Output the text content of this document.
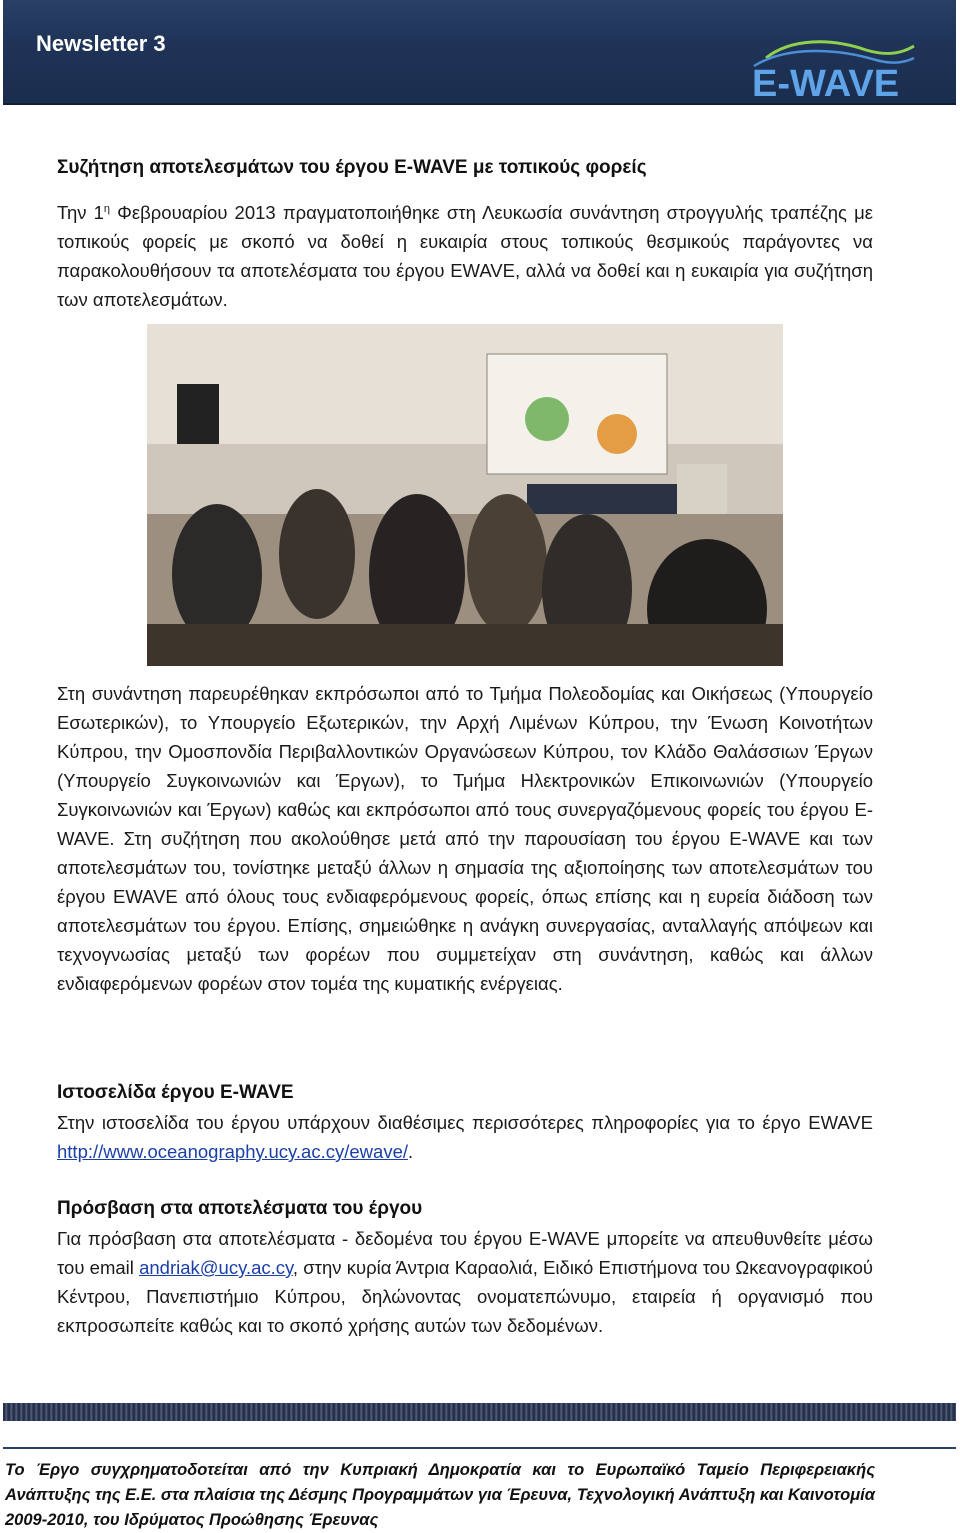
Newsletter 3
E-WAVE

Συζήτηση αποτελεσμάτων του έργου E-WAVE με τοπικούς φορείς

Την $1^\eta$ Φεβρουαρίου 2013 πραγματοποιήθηκε στη Λευκωσία συνάντηση στρογγυλής τραπέζης με τοπικούς φορείς με σκοπό να δοθεί η ευκαιρία στους τοπικούς θεσμικούς παράγοντες να παρακολουθήσουν τα αποτελέσματα του έργου EWAVE, αλλά να δοθεί και η ευκαιρία για συζήτηση των αποτελεσμάτων.

Στη συνάντηση παρευρέθηκαν εκπρόσωποι από το Τμήμα Πολεοδομίας και Οικήσεως (Υπουργείο Εσωτερικών), το Υπουργείο Εξωτερικών, την Αρχή Λιμένων Κύπρου, την Ένωση Κοινοτήτων Κύπρου, την Ομοσπονδία Περιβαλλοντικών Οργανώσεων Κύπρου, τον Κλάδο Θαλάσσιων Έργων (Υπουργείο Συγκοινωνιών και Έργων), το Τμήμα Ηλεκτρονικών Επικοινωνιών (Υπουργείο Συγκοινωνιών και Έργων) καθώς και εκπρόσωποι από τους συνεργαζόμενους φορείς του έργου E-WAVE. Στη συζήτηση που ακολούθησε μετά από την παρουσίαση του έργου E-WAVE και των αποτελεσμάτων του, τονίστηκε μεταξύ άλλων η σημασία της αξιοποίησης των αποτελεσμάτων του έργου EWAVE από όλους τους ενδιαφερόμενους φορείς, όπως επίσης και η ευρεία διάδοση των αποτελεσμάτων του έργου. Επίσης, σημειώθηκε η ανάγκη συνεργασίας, ανταλλαγής απόψεων και τεχνογνωσίας μεταξύ των φορέων που συμμετείχαν στη συνάντηση, καθώς και άλλων ενδιαφερόμενων φορέων στον τομέα της κυματικής ενέργειας.

Ιστοσελίδα έργου E-WAVE

Στην ιστοσελίδα του έργου υπάρχουν διαθέσιμες περισσότερες πληροφορίες για το έργο EWAVE http://www.oceanography.ucy.ac.cy/ewave/.

Πρόσβαση στα αποτελέσματα του έργου

Για πρόσβαση στα αποτελέσματα - δεδομένα του έργου E-WAVE μπορείτε να απευθυνθείτε μέσω του email andriak@ucy.ac.cy, στην κυρία Άντρια Καραολιά, Ειδικό Επιστήμονα του Ωκεανογραφικού Κέντρου, Πανεπιστήμιο Κύπρου, δηλώνοντας ονοματεπώνυμο, εταιρεία ή οργανισμό που εκπροσωπείτε καθώς και το σκοπό χρήσης αυτών των δεδομένων.

Το Έργο συγχρηματοδοτείται από την Κυπριακή Δημοκρατία και το Ευρωπαϊκό Ταμείο Περιφερειακής Ανάπτυξης της Ε.Ε. στα πλαίσια της Δέσμης Προγραμμάτων για Έρευνα, Τεχνολογική Ανάπτυξη και Καινοτομία 2009-2010, του Ιδρύματος Προώθησης Έρευνας
